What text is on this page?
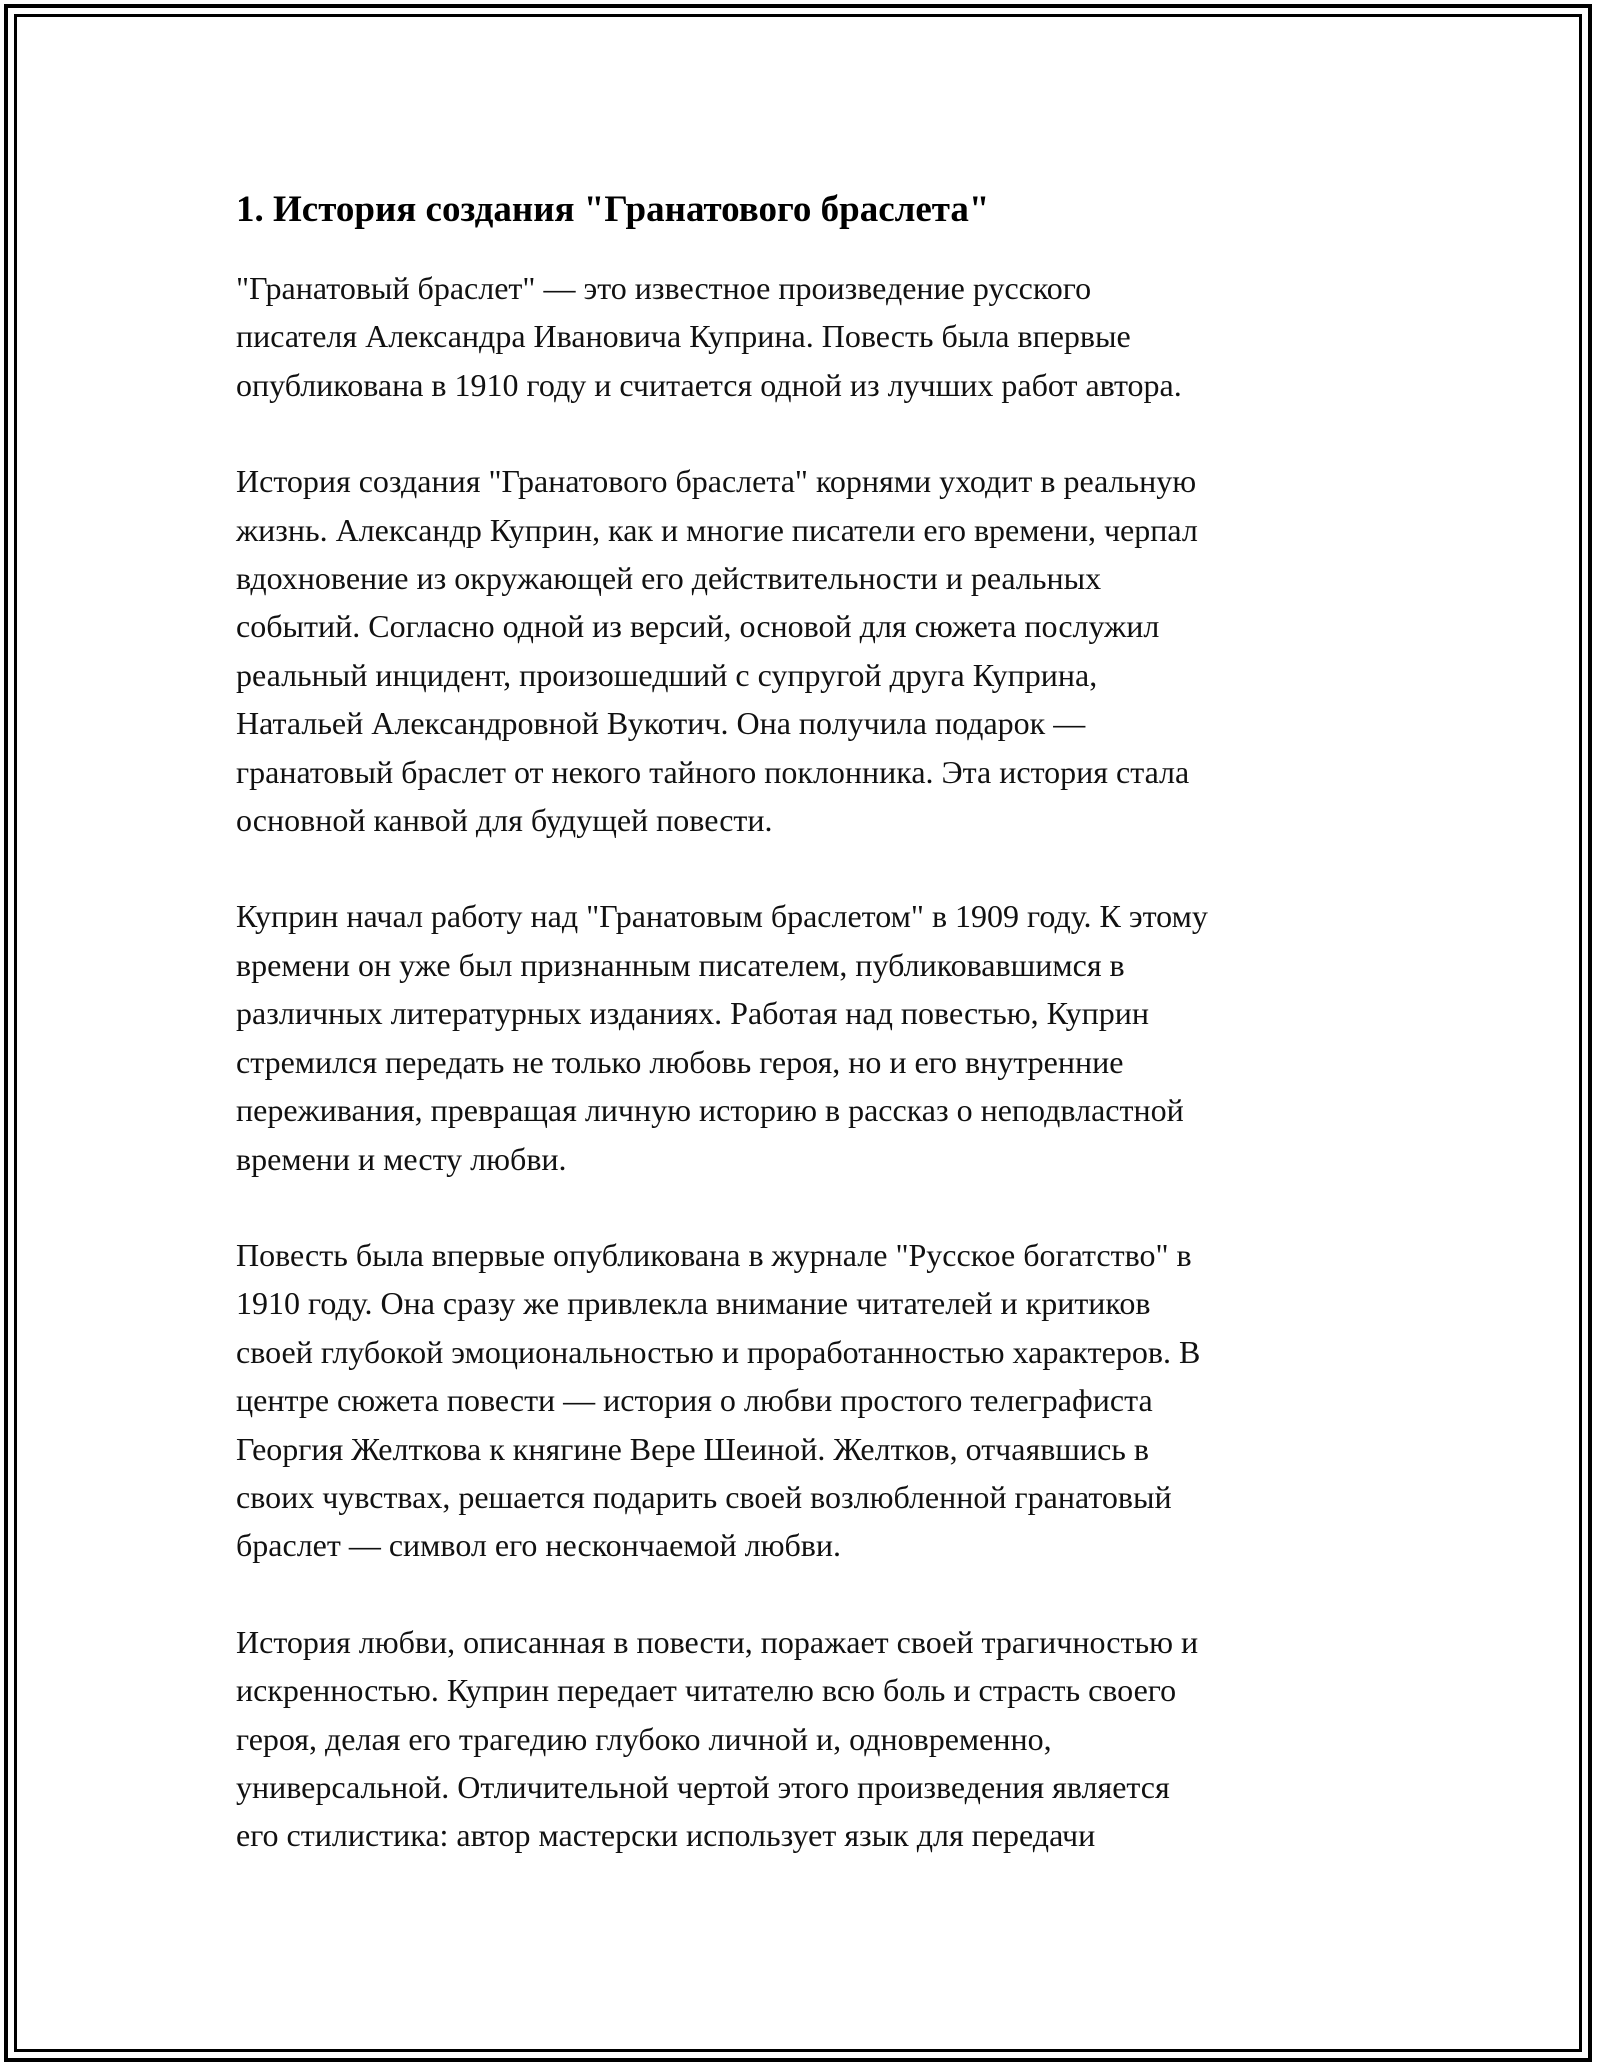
1. История создания "Гранатового браслета"

"Гранатовый браслет" — это известное произведение русского
писателя Александра Ивановича Куприна. Повесть была впервые
опубликована в 1910 году и считается одной из лучших работ автора.

История создания "Гранатового браслета" корнями уходит в реальную
жизнь. Александр Куприн, как и многие писатели его времени, черпал
вдохновение из окружающей его действительности и реальных
событий. Согласно одной из версий, основой для сюжета послужил
реальный инцидент, произошедший с супругой друга Куприна,
Натальей Александровной Вукотич. Она получила подарок —
гранатовый браслет от некого тайного поклонника. Эта история стала
основной канвой для будущей повести.

Куприн начал работу над "Гранатовым браслетом" в 1909 году. К этому
времени он уже был признанным писателем, публиковавшимся в
различных литературных изданиях. Работая над повестью, Куприн
стремился передать не только любовь героя, но и его внутренние
переживания, превращая личную историю в рассказ о неподвластной
времени и месту любви.

Повесть была впервые опубликована в журнале "Русское богатство" в
1910 году. Она сразу же привлекла внимание читателей и критиков
своей глубокой эмоциональностью и проработанностью характеров. В
центре сюжета повести — история о любви простого телеграфиста
Георгия Желткова к княгине Вере Шеиной. Желтков, отчаявшись в
своих чувствах, решается подарить своей возлюбленной гранатовый
браслет — символ его нескончаемой любви.

История любви, описанная в повести, поражает своей трагичностью и
искренностью. Куприн передает читателю всю боль и страсть своего
героя, делая его трагедию глубоко личной и, одновременно,
универсальной. Отличительной чертой этого произведения является
его стилистика: автор мастерски использует язык для передачи
